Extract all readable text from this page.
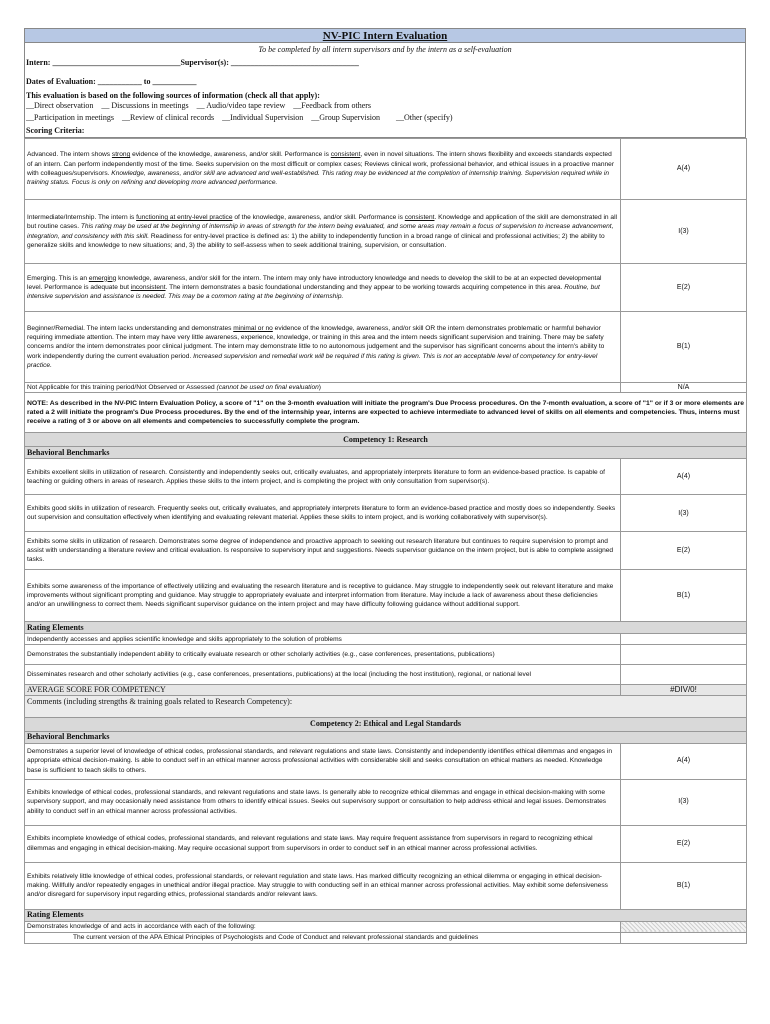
NV-PIC Intern Evaluation
To be completed by all intern supervisors and by the intern as a self-evaluation
Intern: ________________________________Supervisor(s): ________________________________
Dates of Evaluation: ___________ to ___________
This evaluation is based on the following sources of information (check all that apply):
__Direct observation    __ Discussions in meetings    __ Audio/video tape review    __Feedback from others
__Participation in meetings    __Review of clinical records    __Individual Supervision    __Group Supervision        __Other (specify)
Scoring Criteria:
Advanced. The intern shows strong evidence of the knowledge, awareness, and/or skill. Performance is consistent, even in novel situations. The intern shows flexibility and exceeds standards expected of an intern. Can perform independently most of the time. Seeks supervision on the most difficult or complex cases; Reviews clinical work, professional behavior, and ethical issues in a proactive manner with colleagues/supervisors. Knowledge, awareness, and/or skill are advanced and well-established. This rating may be evidenced at the completion of internship training. Supervision required while in training status. Focus is only on refining and developing more advanced performance.	A(4)
Intermediate/Internship. The intern is functioning at entry-level practice of the knowledge, awareness, and/or skill. Performance is consistent. Knowledge and application of the skill are demonstrated in all but routine cases. This rating may be used at the beginning of internship in areas of strength for the intern being evaluated, and some areas may remain a focus of supervision to increase advancement, integration, and consistency with this skill. Readiness for entry-level practice is defined as: 1) the ability to independently function in a broad range of clinical and professional activities; 2) the ability to generalize skills and knowledge to new situations; and, 3) the ability to self-assess when to seek additional training, supervision, or consultation.	I(3)
Emerging. This is an emerging knowledge, awareness, and/or skill for the intern. The intern may only have introductory knowledge and needs to develop the skill to be at an expected developmental level. Performance is adequate but inconsistent. The intern demonstrates a basic foundational understanding and they appear to be working towards acquiring competence in this area. Routine, but intensive supervision and assistance is needed. This may be a common rating at the beginning of internship.	E(2)
Beginner/Remedial. The intern lacks understanding and demonstrates minimal or no evidence of the knowledge, awareness, and/or skill OR the intern demonstrates problematic or harmful behavior requiring immediate attention. The intern may have very little awareness, experience, knowledge, or training in this area and the intern needs significant supervision and training. There may be safety concerns and/or the intern demonstrates poor clinical judgment. The intern may demonstrate little to no autonomous judgement and the supervisor has significant concerns about the intern's ability to work independently during the current evaluation period. Increased supervision and remedial work will be required if this rating is given. This is not an acceptable level of competency for entry-level practice.	B(1)
Not Applicable for this training period/Not Observed or Assessed (cannot be used on final evaluation)	N/A
NOTE: As described in the NV-PIC Intern Evaluation Policy, a score of "1" on the 3-month evaluation will initiate the program's Due Process procedures. On the 7-month evaluation, a score of "1" or if 3 or more elements are rated a 2 will initiate the program's Due Process procedures. By the end of the internship year, interns are expected to achieve intermediate to advanced level of skills on all elements and competencies. Thus, interns must receive a rating of 3 or above on all elements and competencies to successfully complete the program.	
Competency 1: Research	
Behavioral Benchmarks	
Exhibits excellent skills in utilization of research. Consistently and independently seeks out, critically evaluates, and appropriately interprets literature to form an evidence-based practice. Is capable of teaching or guiding others in areas of research. Applies these skills to the intern project, and is completing the project with only consultation from supervisor(s).	A(4)
Exhibits good skills in utilization of research. Frequently seeks out, critically evaluates, and appropriately interprets literature to form an evidence-based practice and mostly does so independently. Seeks out supervision and consultation effectively when identifying and evaluating relevant material. Applies these skills to intern project, and is working collaboratively with supervisor(s).	I(3)
Exhibits some skills in utilization of research. Demonstrates some degree of independence and proactive approach to seeking out research literature but continues to require supervision to prompt and assist with understanding a literature review and critical evaluation. Is responsive to supervisory input and suggestions. Needs supervisor guidance on the intern project, but is able to complete assigned tasks.	E(2)
Exhibits some awareness of the importance of effectively utilizing and evaluating the research literature and is receptive to guidance. May struggle to independently seek out relevant literature and make improvements without significant prompting and guidance. May struggle to appropriately evaluate and interpret information from literature. May include a lack of awareness about these deficiencies and/or an unwillingness to correct them. Needs significant supervisor guidance on the intern project and may have difficulty following guidance without additional support.	B(1)
Rating Elements	
Independently accesses and applies scientific knowledge and skills appropriately to the solution of problems	
Demonstrates the substantially independent ability to critically evaluate research or other scholarly activities (e.g., case conferences, presentations, publications)	
Disseminates research and other scholarly activities (e.g., case conferences, presentations, publications) at the local (including the host institution), regional, or national level	
AVERAGE SCORE FOR COMPETENCY	#DIV/0!
Comments (including strengths & training goals related to Research Competency):	
Competency 2: Ethical and Legal Standards	
Behavioral Benchmarks	
Demonstrates a superior level of knowledge of ethical codes, professional standards, and relevant regulations and state laws. Consistently and independently identifies ethical dilemmas and engages in appropriate ethical decision-making. Is able to conduct self in an ethical manner across professional activities with considerable skill and seeks consultation on ethical matters as needed. Knowledge base is sufficient to teach skills to others.	A(4)
Exhibits knowledge of ethical codes, professional standards, and relevant regulations and state laws. Is generally able to recognize ethical dilemmas and engage in ethical decision-making with some supervisory support, and may occasionally need assistance from others to identify ethical issues. Seeks out supervisory support or consultation to help address ethical and legal issues. Demonstrates ability to conduct self in an ethical manner across professional activities.	I(3)
Exhibits incomplete knowledge of ethical codes, professional standards, and relevant regulations and state laws. May require frequent assistance from supervisors in regard to recognizing ethical dilemmas and engaging in ethical decision-making. May require occasional support from supervisors in order to conduct self in an ethical manner across professional activities.	E(2)
Exhibits relatively little knowledge of ethical codes, professional standards, or relevant regulation and state laws. Has marked difficulty recognizing an ethical dilemma or engaging in ethical decision-making. Willfully and/or repeatedly engages in unethical and/or illegal practice. May struggle to with conducting self in an ethical manner across professional activities. May exhibit some defensiveness and/or disregard for supervisory input regarding ethics, professional standards and/or relevant laws.	B(1)
Rating Elements	
Demonstrates knowledge of and acts in accordance with each of the following:	
The current version of the APA Ethical Principles of Psychologists and Code of Conduct and relevant professional standards and guidelines	
